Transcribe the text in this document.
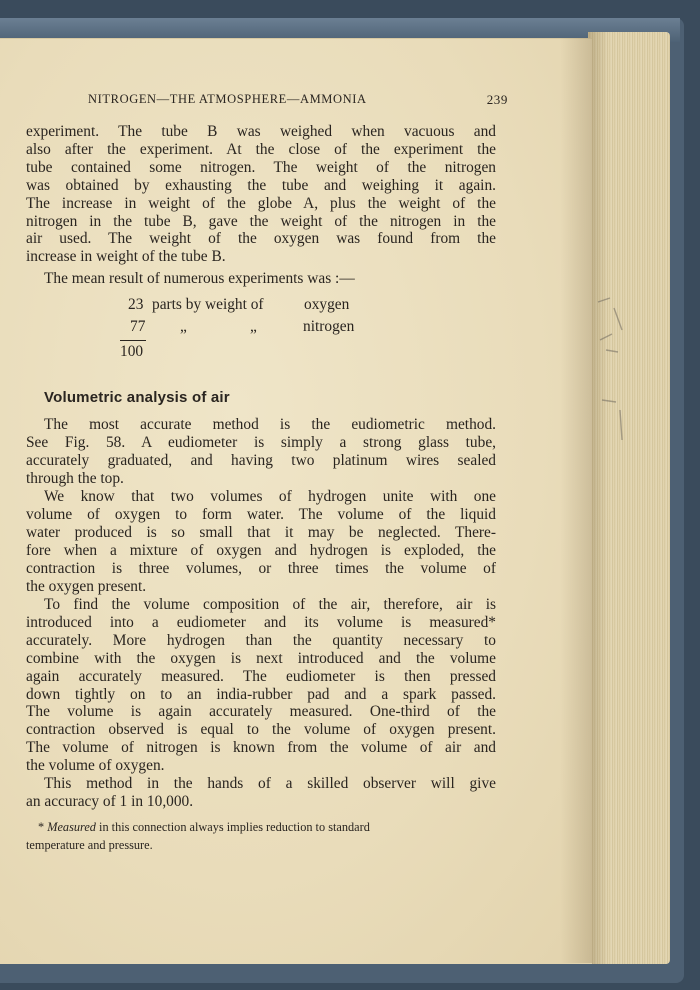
NITROGEN—THE ATMOSPHERE—AMMONIA	239
experiment. The tube B was weighed when vacuous and
also after the experiment. At the close of the experiment the
tube contained some nitrogen. The weight of the nitrogen
was obtained by exhausting the tube and weighing it again.
The increase in weight of the globe A, plus the weight of the
nitrogen in the tube B, gave the weight of the nitrogen in the
air used. The weight of the oxygen was found from the
increase in weight of the tube B.
The mean result of numerous experiments was :—
23 parts by weight of	oxygen
77 „	„	nitrogen
100
Volumetric analysis of air
The most accurate method is the eudiometric method.
See Fig. 58. A eudiometer is simply a strong glass tube,
accurately graduated, and having two platinum wires sealed
through the top.
We know that two volumes of hydrogen unite with one
volume of oxygen to form water. The volume of the liquid
water produced is so small that it may be neglected. There-
fore when a mixture of oxygen and hydrogen is exploded, the
contraction is three volumes, or three times the volume of
the oxygen present.
To find the volume composition of the air, therefore, air is
introduced into a eudiometer and its volume is measured*
accurately. More hydrogen than the quantity necessary to
combine with the oxygen is next introduced and the volume
again accurately measured. The eudiometer is then pressed
down tightly on to an india-rubber pad and a spark passed.
The volume is again accurately measured. One-third of the
contraction observed is equal to the volume of oxygen present.
The volume of nitrogen is known from the volume of air and
the volume of oxygen.
This method in the hands of a skilled observer will give
an accuracy of 1 in 10,000.
* Measured in this connection always implies reduction to standard
temperature and pressure.
